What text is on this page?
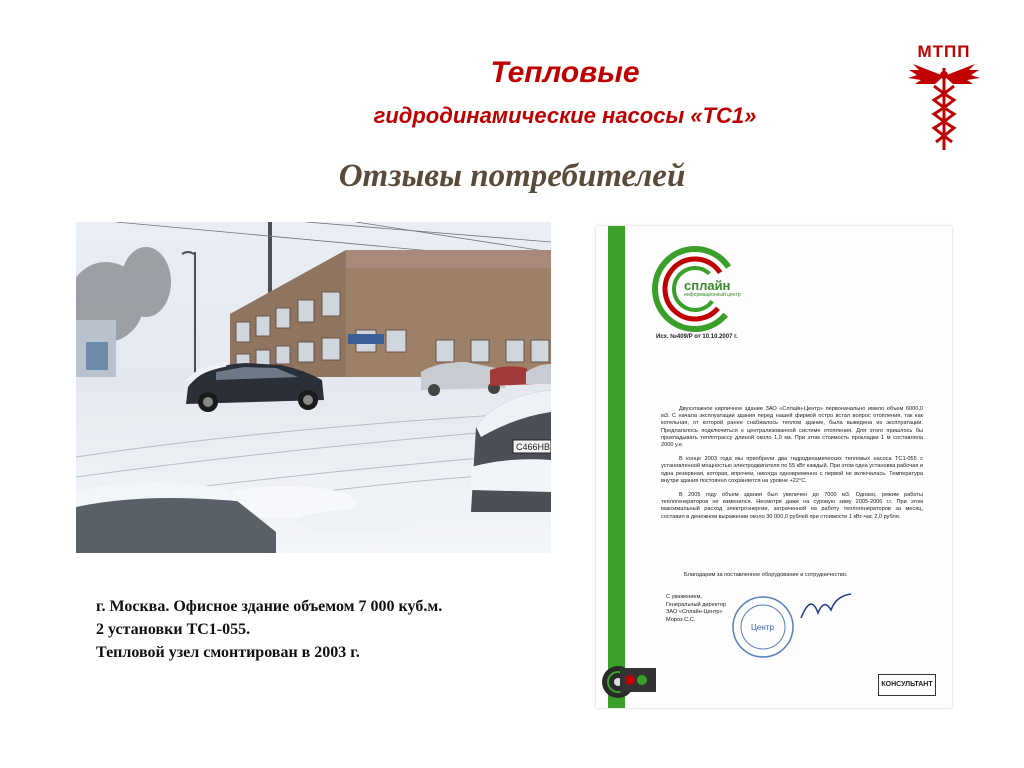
Тепловые
гидродинамические насосы «ТС1»
Отзывы потребителей
МТПП
С466НВ
г. Москва. Офисное здание объемом 7 000 куб.м.
2 установки ТС1-055.
Тепловой узел смонтирован в 2003 г.
сплайн
информационный центр
Исх. №409/Р от 10.10.2007 г.

Двухэтажное кирпичное здание ЗАО «Сплайн-Центр» первоначально имело объем 6000,0 м3. С начала эксплуатации здания перед нашей фирмой остро встал вопрос отопления, так как котельная, от которой ранее снабжалось теплом здание, была выведена из эксплуатации. Предлагалось подключиться к централизованной системе отопления. Для этого пришлось бы прокладывать теплотрассу длиной около 1,0 км. При этом стоимость прокладки 1 м составляла 2000 у.е.

В конце 2003 года мы приобрели два гидродинамических тепловых насоса ТС1-055 с установленной мощностью электродвигателя по 55 кВт каждый. При этом одна установка рабочая и одна резервная, которая, впрочем, никогда одновременно с первой не включалась. Температура внутри здания постоянно сохраняется на уровне +22°С.

В 2005 году объем здания был увеличен до 7000 м3. Однако, режим работы теплогенераторов не изменился. Несмотря даже на суровую зиму 2005-2006 г.г. При этом максимальный расход электроэнергии, затраченной на работу теплогенераторов за месяц, составил в денежном выражении около 30 000,0 рублей при стоимости 1 кВт-час 2,0 рубля.

Благодарим за поставленное оборудование и сотрудничество.
С уважением,
Генеральный директор
ЗАО «Сплайн-Центр»
Мороз С.С.
Центр
КОНСУЛЬТАНТ
